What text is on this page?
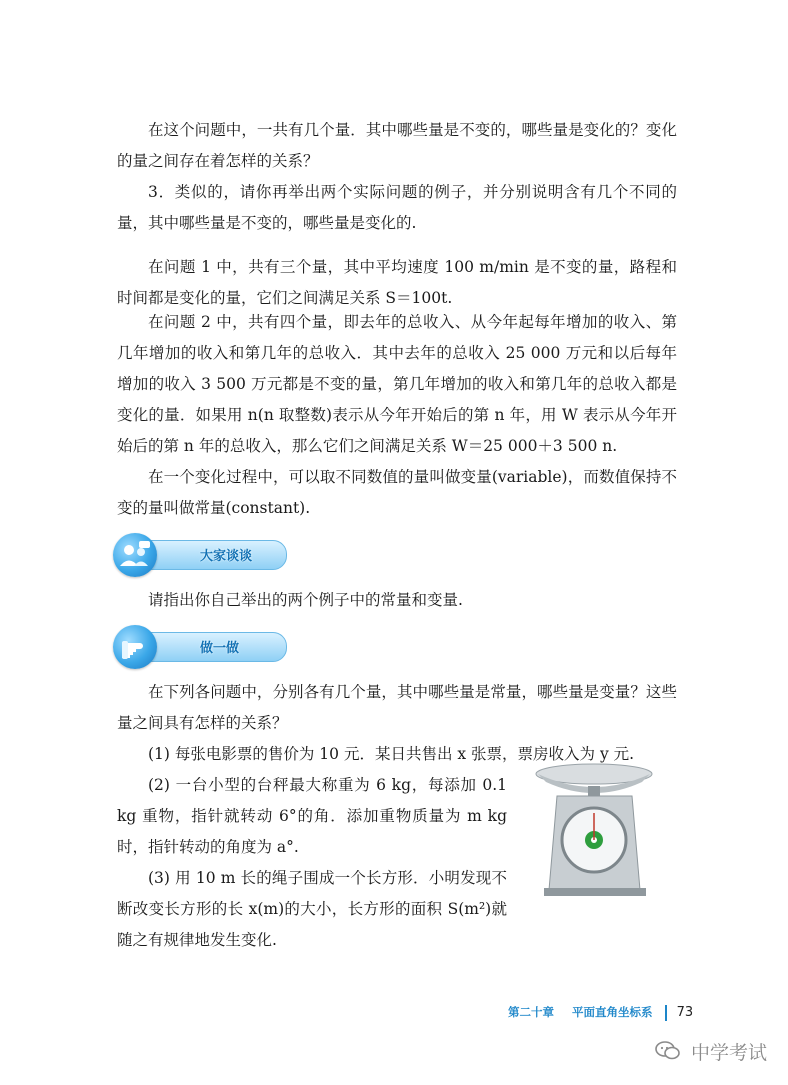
在这个问题中，一共有几个量．其中哪些量是不变的，哪些量是变化的？变化的量之间存在着怎样的关系？

3．类似的，请你再举出两个实际问题的例子，并分别说明含有几个不同的量，其中哪些量是不变的，哪些量是变化的.

在问题 1 中，共有三个量，其中平均速度 100 m/min 是不变的量，路程和时间都是变化的量，它们之间满足关系 S＝100t.

在问题 2 中，共有四个量，即去年的总收入、从今年起每年增加的收入、第几年增加的收入和第几年的总收入．其中去年的总收入 25 000 万元和以后每年增加的收入 3 500 万元都是不变的量，第几年增加的收入和第几年的总收入都是变化的量．如果用 n(n 取整数)表示从今年开始后的第 n 年，用 W 表示从今年开始后的第 n 年的总收入，那么它们之间满足关系 W＝25 000＋3 500 n.

在一个变化过程中，可以取不同数值的量叫做变量(variable)，而数值保持不变的量叫做常量(constant).

大家谈谈

请指出你自己举出的两个例子中的常量和变量.

做一做

在下列各问题中，分别各有几个量，其中哪些量是常量，哪些量是变量？这些量之间具有怎样的关系？

(1) 每张电影票的售价为 10 元．某日共售出 x 张票，票房收入为 y 元.

(2) 一台小型的台秤最大称重为 6 kg，每添加 0.1 kg 重物，指针就转动 6°的角．添加重物质量为 m kg 时，指针转动的角度为 a°.

(3) 用 10 m 长的绳子围成一个长方形．小明发现不断改变长方形的长 x(m)的大小，长方形的面积 S(m²)就随之有规律地发生变化.

第二十章 平面直角坐标系 73
中学考试
